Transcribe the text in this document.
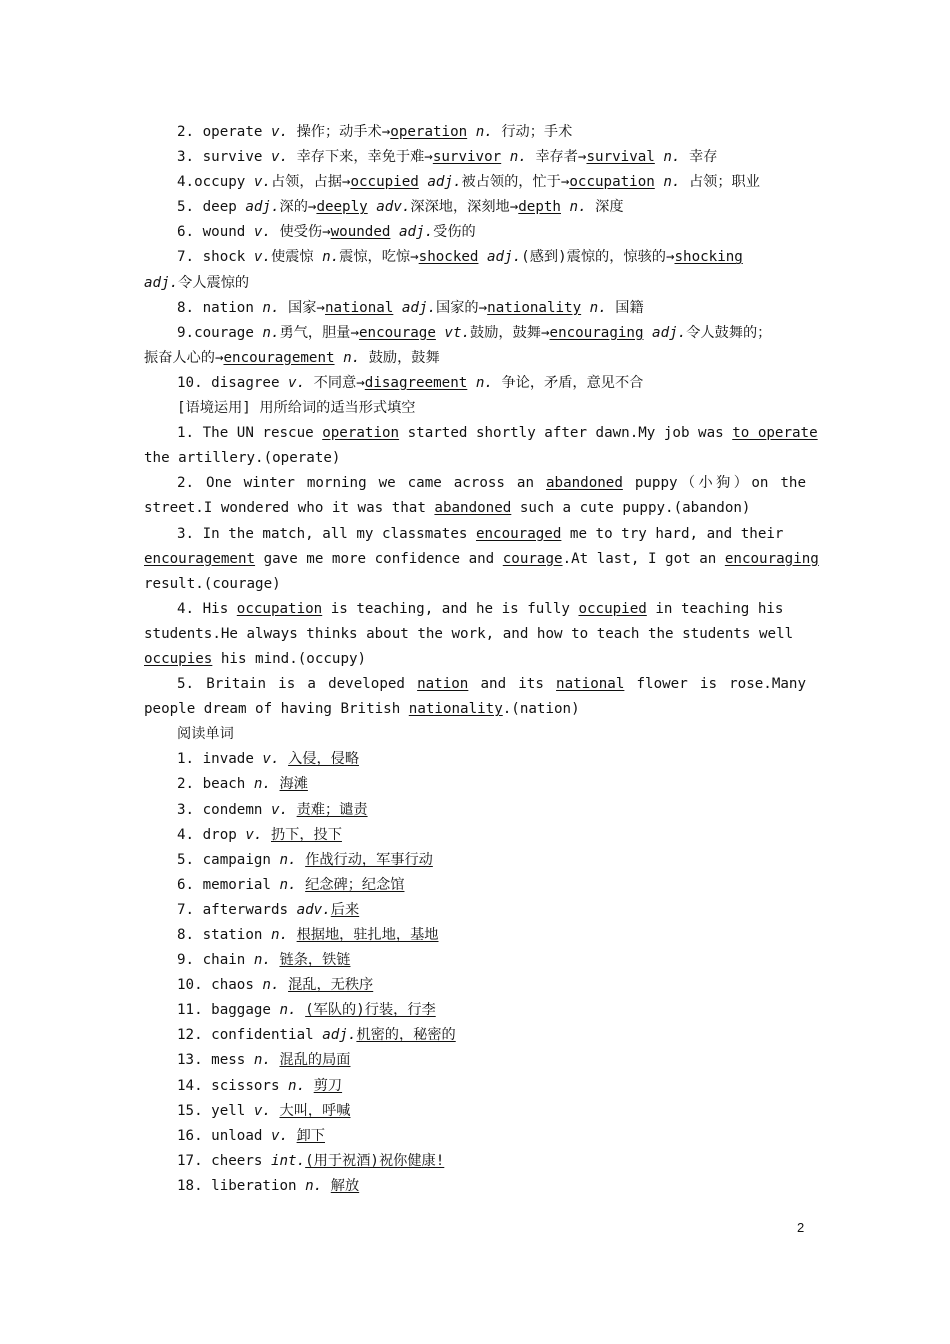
2. operate v. 操作；动手术→operation n. 行动；手术
3. survive v. 幸存下来，幸免于难→survivor n. 幸存者→survival n. 幸存
4.occupy v.占领，占据→occupied adj.被占领的，忙于→occupation n. 占领；职业
5. deep adj.深的→deeply adv.深深地，深刻地→depth n. 深度
6. wound v. 使受伤→wounded adj.受伤的
7. shock v.使震惊 n.震惊，吃惊→shocked adj.(感到)震惊的，惊骇的→shocking
adj.令人震惊的
8. nation n. 国家→national adj.国家的→nationality n. 国籍
9.courage n.勇气，胆量→encourage vt.鼓励，鼓舞→encouraging adj.令人鼓舞的；
振奋人心的→encouragement n. 鼓励，鼓舞
10. disagree v. 不同意→disagreement n. 争论，矛盾，意见不合
[语境运用] 用所给词的适当形式填空
1. The UN rescue operation started shortly after dawn.My job was to operate
the artillery.(operate)
2. One winter morning we came across an abandoned puppy（小狗）on the
street.I wondered who it was that abandoned such a cute puppy.(abandon)
3. In the match, all my classmates encouraged me to try hard, and their
encouragement gave me more confidence and courage.At last, I got an encouraging
result.(courage)
4. His occupation is teaching, and he is fully occupied in teaching his
students.He always thinks about the work, and how to teach the students well
occupies his mind.(occupy)
5. Britain is a developed nation and its national flower is rose.Many
people dream of having British nationality.(nation)
阅读单词
1. invade v. 入侵，侵略
2. beach n. 海滩
3. condemn v. 责难；谴责
4. drop v. 扔下，投下
5. campaign n. 作战行动，军事行动
6. memorial n. 纪念碑；纪念馆
7. afterwards adv.后来
8. station n. 根据地，驻扎地，基地
9. chain n. 链条，铁链
10. chaos n. 混乱，无秩序
11. baggage n. (军队的)行装，行李
12. confidential adj.机密的，秘密的
13. mess n. 混乱的局面
14. scissors n. 剪刀
15. yell v. 大叫，呼喊
16. unload v. 卸下
17. cheers int.(用于祝酒)祝你健康!
18. liberation n. 解放
2
